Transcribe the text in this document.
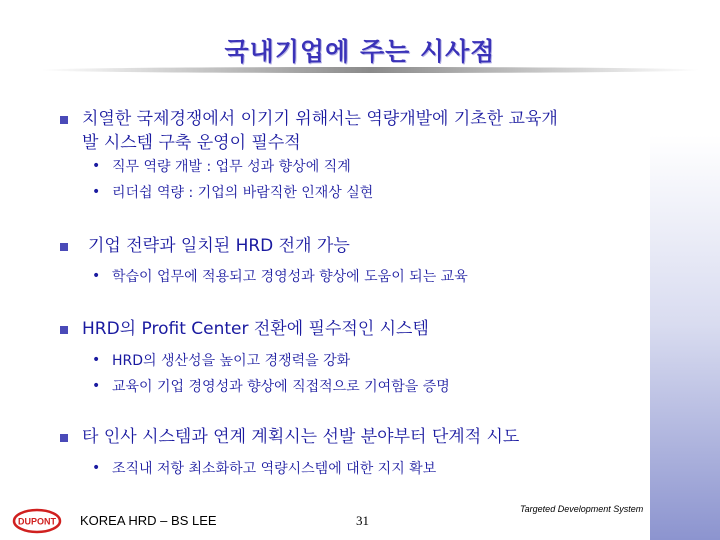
국내기업에 주는 시사점
치열한 국제경쟁에서 이기기 위해서는 역량개발에 기초한 교육개
발 시스템 구축 운영이 필수적
• 직무 역량 개발 : 업무 성과 향상에 직계
• 리더쉽 역량 : 기업의 바람직한 인재상 실현
기업 전략과 일치된 HRD 전개 가능
• 학습이 업무에 적용되고 경영성과 향상에 도움이 되는 교육
HRD의 Profit Center 전환에 필수적인 시스템
• HRD의 생산성을 높이고 경쟁력을 강화
• 교육이 기업 경영성과 향상에 직접적으로 기여함을 증명
타 인사 시스템과 연계 계획시는 선발 분야부터 단계적 시도
• 조직내 저항 최소화하고 역량시스템에 대한 지지 확보
DUPONT KOREA HRD – BS LEE	31
Targeted Development System
